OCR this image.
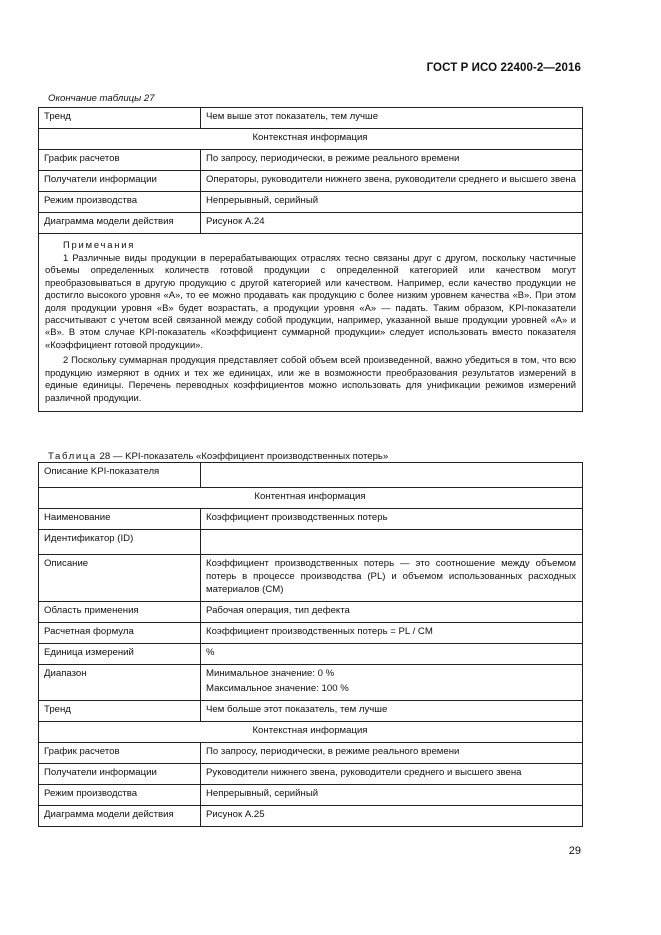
ГОСТ Р ИСО 22400-2—2016
Окончание таблицы 27
Тренд	Чем выше этот показатель, тем лучше
Контекстная информация	
График расчетов	По запросу, периодически, в режиме реального времени
Получатели информации	Операторы, руководители нижнего звена, руководители среднего и высшего звена
Режим производства	Непрерывный, серийный
Диаграмма модели действия	Рисунок А.24

Примечания

1 Различные виды продукции в перерабатывающих отраслях тесно связаны друг с другом, поскольку частичные объемы определенных количеств готовой продукции с определенной категорией или качеством могут преобразовываться в другую продукцию с другой категорией или качеством. Например, если качество продукции не достигло высокого уровня «А», то ее можно продавать как продукцию с более низким уровнем качества «В». При этом доля продукции уровня «В» будет возрастать, а продукции уровня «А» — падать. Таким образом, KPI-показатели рассчитывают с учетом всей связанной между собой продукции, например, указанной выше продукции уровней «А» и «В». В этом случае KPI-показатель «Коэффициент суммарной продукции» следует использовать вместо показателя «Коэффициент готовой продукции».

2 Поскольку суммарная продукция представляет собой объем всей произведенной, важно убедиться в том, что всю продукцию измеряют в одних и тех же единицах, или же в возможности преобразования результатов измерений в единые единицы. Перечень переводных коэффициентов можно использовать для унификации режимов измерений различной продукции.	

Таблица 28 — KPI-показатель «Коэффициент производственных потерь»
Описание KPI-показателя	
Контентная информация	
Наименование	Коэффициент производственных потерь
Идентификатор (ID)	
Описание	Коэффициент производственных потерь — это соотношение между объемом потерь в процессе производства (PL) и объемом использованных расходных материалов (CM)
Область применения	Рабочая операция, тип дефекта
Расчетная формула	Коэффициент производственных потерь = PL / CM
Единица измерений	%
Диапазон	Минимальное значение: 0 %
Максимальное значение: 100 %

Тренд	Чем больше этот показатель, тем лучше
Контекстная информация	
График расчетов	По запросу, периодически, в режиме реального времени
Получатели информации	Руководители нижнего звена, руководители среднего и высшего звена
Режим производства	Непрерывный, серийный
Диаграмма модели действия	Рисунок А.25
29
